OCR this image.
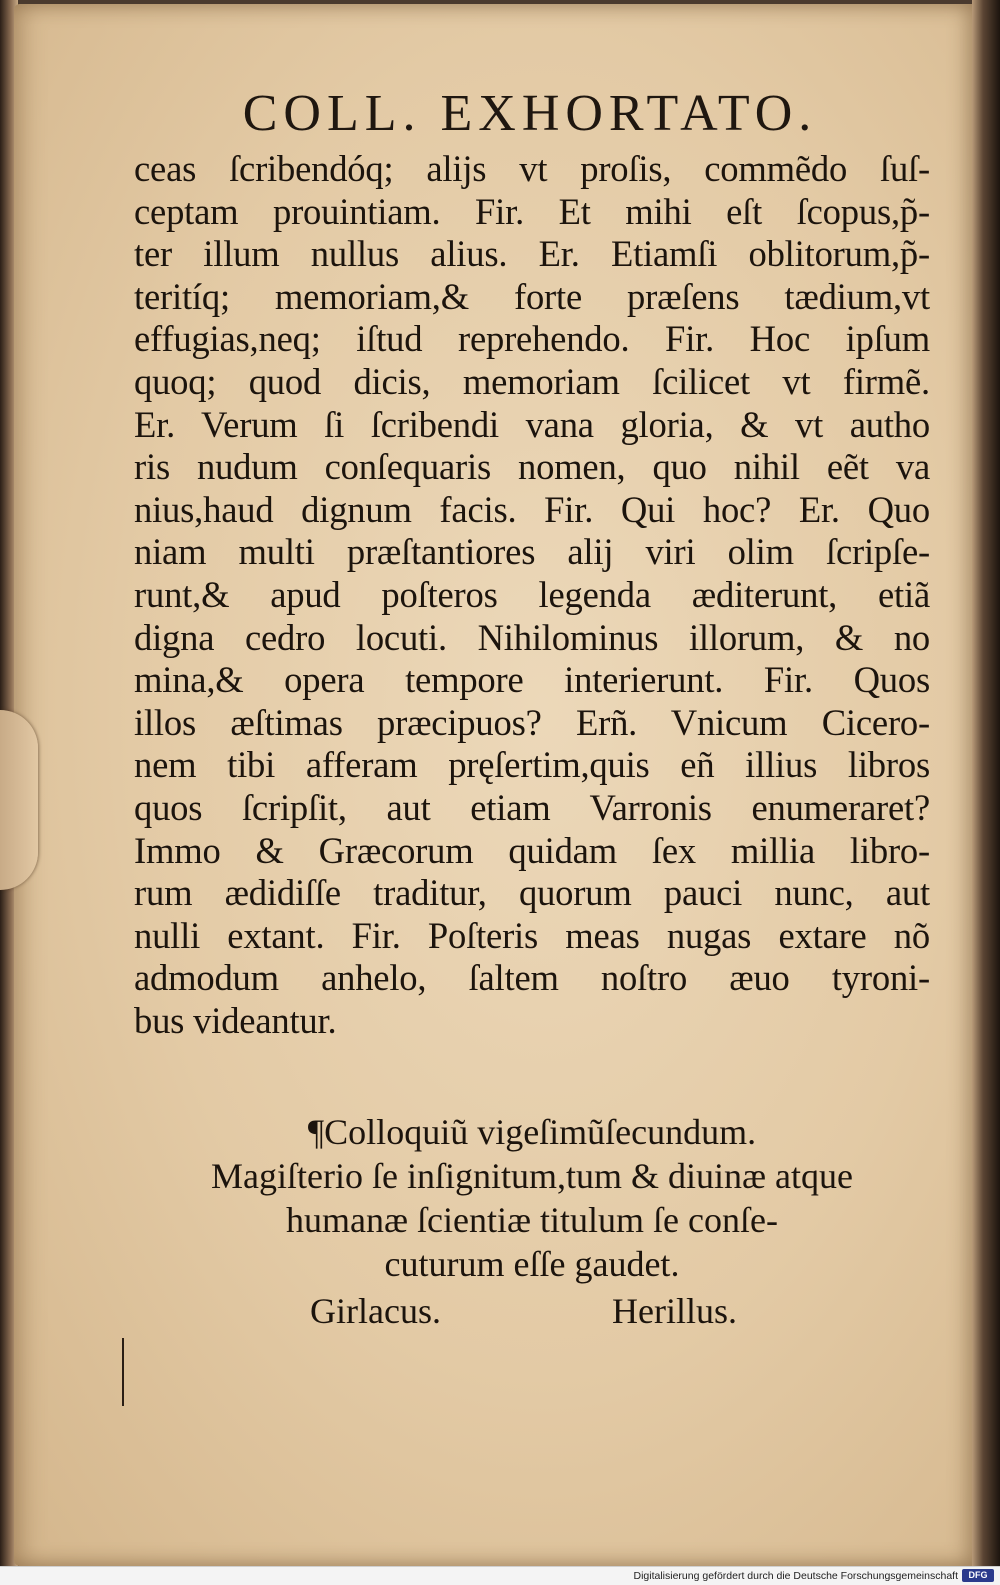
COLL. EXHORTATO.
ceas ſcribendóq; alijs vt proſis, commẽdo ſuſ-
ceptam prouintiam. Fir. Et mihi eſt ſcopus,p̃-
ter illum nullus alius. Er. Etiamſi oblitorum,p̃-
teritíq; memoriam,& forte præſens tædium,vt
effugias,neq; iſtud reprehendo. Fir. Hoc ipſum
quoq; quod dicis, memoriam ſcilicet vt firmẽ.
Er. Verum ſi ſcribendi vana gloria, & vt autho
ris nudum conſequaris nomen, quo nihil eẽt va
nius,haud dignum facis. Fir. Qui hoc? Er. Quo
niam multi præſtantiores alij viri olim ſcripſe-
runt,& apud poſteros legenda æditerunt, etiã
digna cedro locuti. Nihilominus illorum, & no
mina,& opera tempore interierunt. Fir. Quos
illos æſtimas præcipuos? Erñ. Vnicum Cicero-
nem tibi afferam pręſertim,quis eñ illius libros
quos ſcripſit, aut etiam Varronis enumeraret?
Immo & Græcorum quidam ſex millia libro-
rum ædidiſſe traditur, quorum pauci nunc, aut
nulli extant. Fir. Poſteris meas nugas extare nõ
admodum anhelo, ſaltem noſtro æuo tyroni-
bus videantur.
¶Colloquiũ vigeſimũſecundum.
Magiſterio ſe inſignitum,tum & diuinæ atque
humanæ ſcientiæ titulum ſe conſe-
cuturum eſſe gaudet.
Girlacus.	Herillus.
Digitalisierung gefördert durch die Deutsche Forschungsgemeinschaft	DFG
